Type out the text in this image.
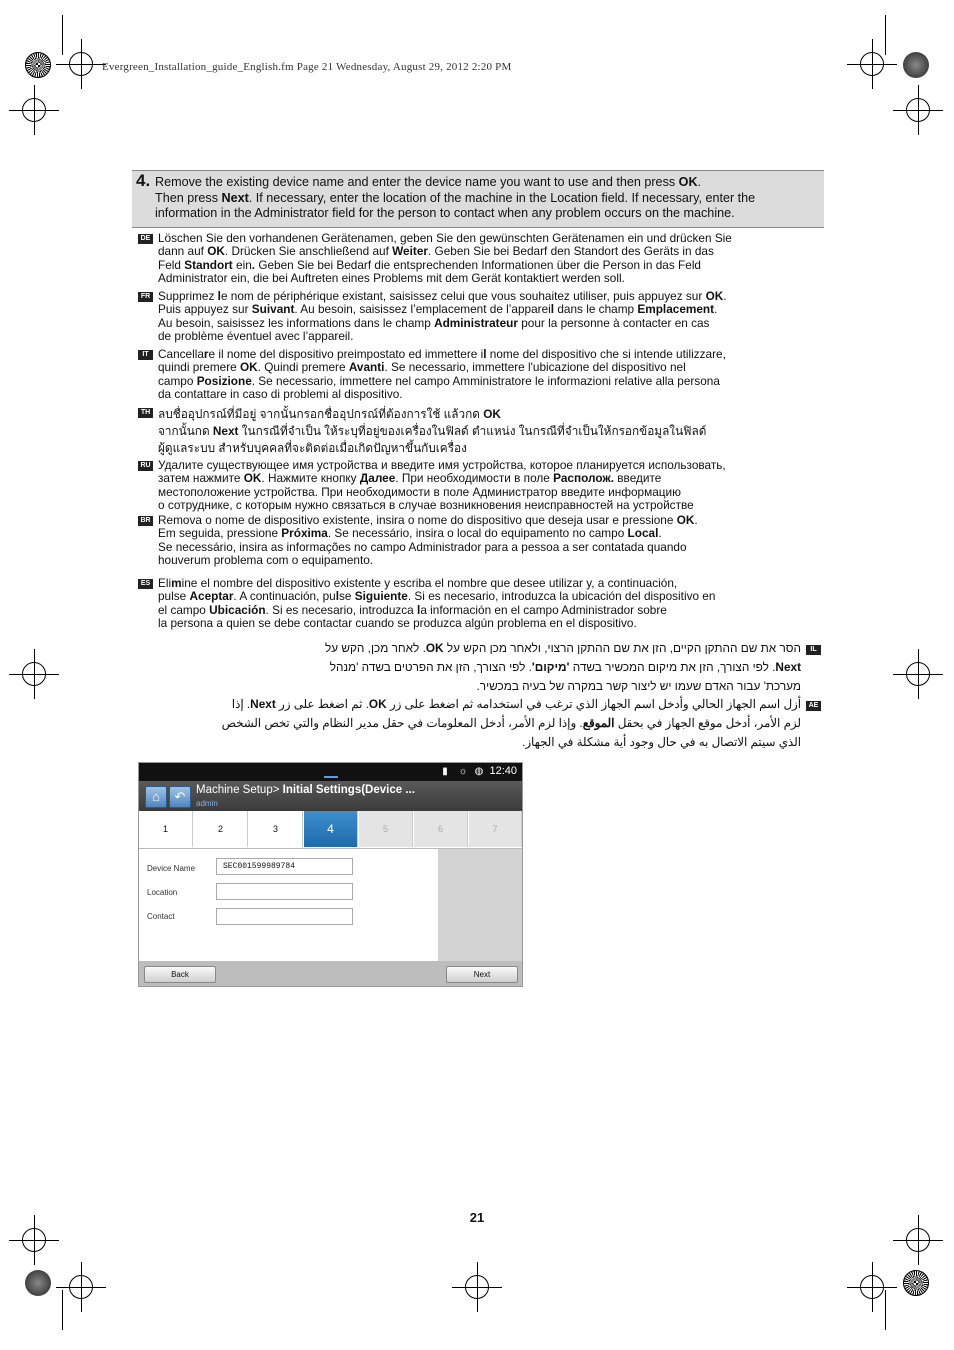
Evergreen_Installation_guide_English.fm Page 21 Wednesday, August 29, 2012 2:20 PM
4. Remove the existing device name and enter the device name you want to use and then press OK.
Then press Next. If necessary, enter the location of the machine in the Location field. If necessary, enter the
information in the Administrator field for the person to contact when any problem occurs on the machine.
DE Löschen Sie den vorhandenen Gerätenamen, geben Sie den gewünschten Gerätenamen ein und drücken Sie
dann auf OK. Drücken Sie anschließend auf Weiter. Geben Sie bei Bedarf den Standort des Geräts in das
Feld Standort ein. Geben Sie bei Bedarf die entsprechenden Informationen über die Person in das Feld
Administrator ein, die bei Auftreten eines Problems mit dem Gerät kontaktiert werden soll.
FR Supprimez le nom de périphérique existant, saisissez celui que vous souhaitez utiliser, puis appuyez sur OK.
Puis appuyez sur Suivant. Au besoin, saisissez l’emplacement de l’appareil dans le champ Emplacement.
Au besoin, saisissez les informations dans le champ Administrateur pour la personne à contacter en cas
de problème éventuel avec l’appareil.
IT Cancellare il nome del dispositivo preimpostato ed immettere il nome del dispositivo che si intende utilizzare,
quindi premere OK. Quindi premere Avanti. Se necessario, immettere l'ubicazione del dispositivo nel
campo Posizione. Se necessario, immettere nel campo Amministratore le informazioni relative alla persona
da contattare in caso di problemi al dispositivo.
TH ลบชื่ออุปกรณ์ที่มีอยู่ จากนั้นกรอกชื่ออุปกรณ์ที่ต้องการใช้ แล้วกด OK
จากนั้นกด Next ในกรณีที่จำเป็น ให้ระบุที่อยู่ของเครื่องในฟิลด์ ตำแหน่ง ในกรณีที่จำเป็นให้กรอกข้อมูลในฟิลด์
ผู้ดูแลระบบ สำหรับบุคคลที่จะติดต่อเมื่อเกิดปัญหาขึ้นกับเครื่อง
RU Удалите существующее имя устройства и введите имя устройства, которое планируется использовать,
затем нажмите OK. Нажмите кнопку Далее. При необходимости в поле Располож. введите
местоположение устройства. При необходимости в поле Администратор введите информацию
о сотруднике, с которым нужно связаться в случае возникновения неисправностей на устройстве
BR Remova o nome de dispositivo existente, insira o nome do dispositivo que deseja usar e pressione OK.
Em seguida, pressione Próxima. Se necessário, insira o local do equipamento no campo Local.
Se necessário, insira as informações no campo Administrador para a pessoa a ser contatada quando
houverum problema com o equipamento.
ES Elimine el nombre del dispositivo existente y escriba el nombre que desee utilizar y, a continuación,
pulse Aceptar. A continuación, pulse Siguiente. Si es necesario, introduzca la ubicación del dispositivo en
el campo Ubicación. Si es necesario, introduzca la información en el campo Administrador sobre
la persona a quien se debe contactar cuando se produzca algún problema en el dispositivo.
IL
הסר את שם ההתקן הקיים, הזן את שם ההתקן הרצוי, ולאחר מכן הקש על OK. לאחר מכן, הקש על
Next. לפי הצורך, הזן את מיקום המכשיר בשדה 'מיקום'. לפי הצורך, הזן את הפרטים בשדה 'מנהל
מערכת' עבור האדם שעמו יש ליצור קשר במקרה של בעיה במכשיר.
AE
أزل اسم الجهاز الحالي وأدخل اسم الجهاز الذي ترغب في استخدامه ثم اضغط على زر OK. ثم اضغط على زر Next. إذا
لزم الأمر، أدخل موقع الجهاز في بحقل الموقع. وإذا لزم الأمر، أدخل المعلومات في حقل مدير النظام والتي تخص الشخص
الذي سيتم الاتصال به في حال وجود أية مشكلة في الجهاز.
▮	☼ ◍ 12:40
⌂	↶ Machine Setup> Initial Settings(Device ...
admin
1	2	3	4	5	6	7
Device Name	SEC001599989784
Location
Contact
Back	Next
21
